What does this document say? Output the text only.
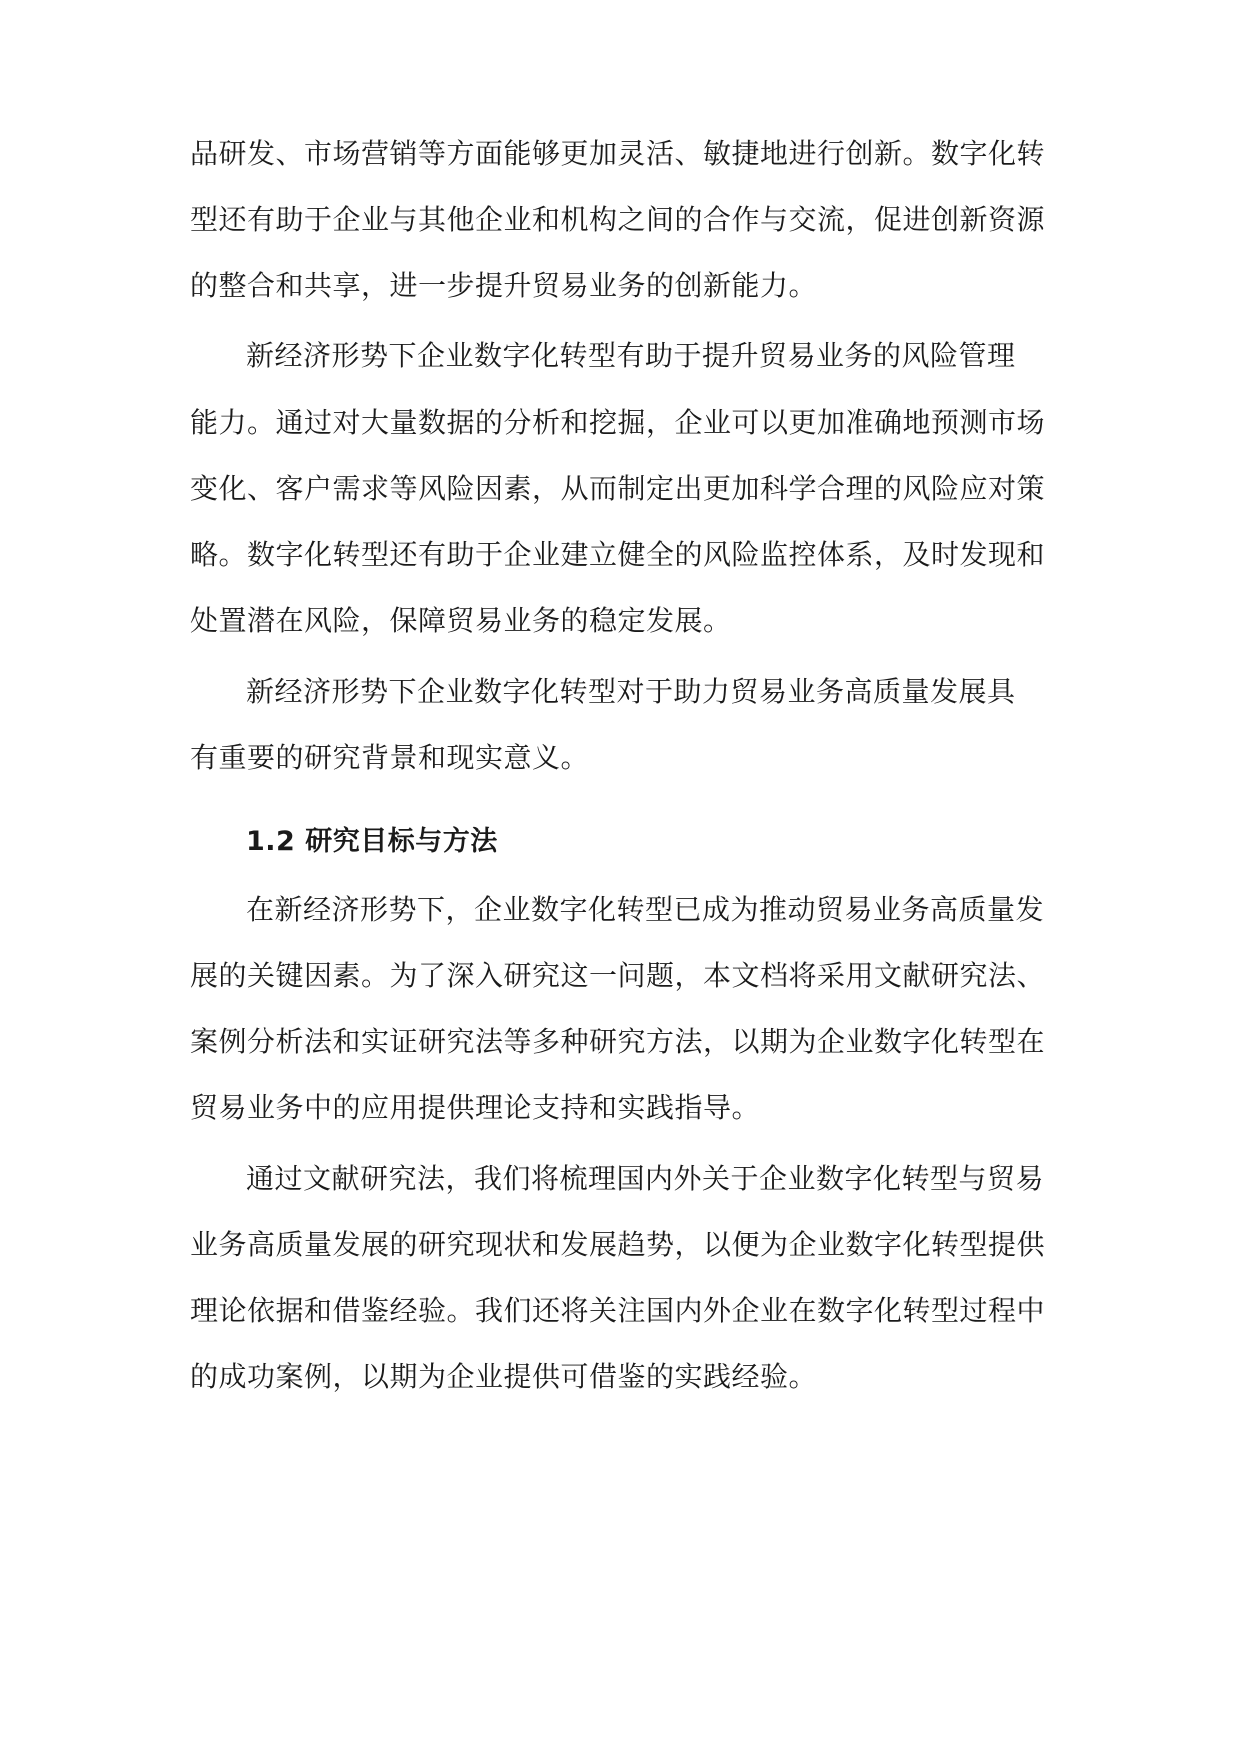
品研发、市场营销等方面能够更加灵活、敏捷地进行创新。数字化转

型还有助于企业与其他企业和机构之间的合作与交流，促进创新资源

的整合和共享，进一步提升贸易业务的创新能力。

新经济形势下企业数字化转型有助于提升贸易业务的风险管理

能力。通过对大量数据的分析和挖掘，企业可以更加准确地预测市场

变化、客户需求等风险因素，从而制定出更加科学合理的风险应对策

略。数字化转型还有助于企业建立健全的风险监控体系，及时发现和

处置潜在风险，保障贸易业务的稳定发展。

新经济形势下企业数字化转型对于助力贸易业务高质量发展具

有重要的研究背景和现实意义。

1.2 研究目标与方法

在新经济形势下，企业数字化转型已成为推动贸易业务高质量发

展的关键因素。为了深入研究这一问题，本文档将采用文献研究法、

案例分析法和实证研究法等多种研究方法，以期为企业数字化转型在

贸易业务中的应用提供理论支持和实践指导。

通过文献研究法，我们将梳理国内外关于企业数字化转型与贸易

业务高质量发展的研究现状和发展趋势，以便为企业数字化转型提供

理论依据和借鉴经验。我们还将关注国内外企业在数字化转型过程中

的成功案例，以期为企业提供可借鉴的实践经验。
